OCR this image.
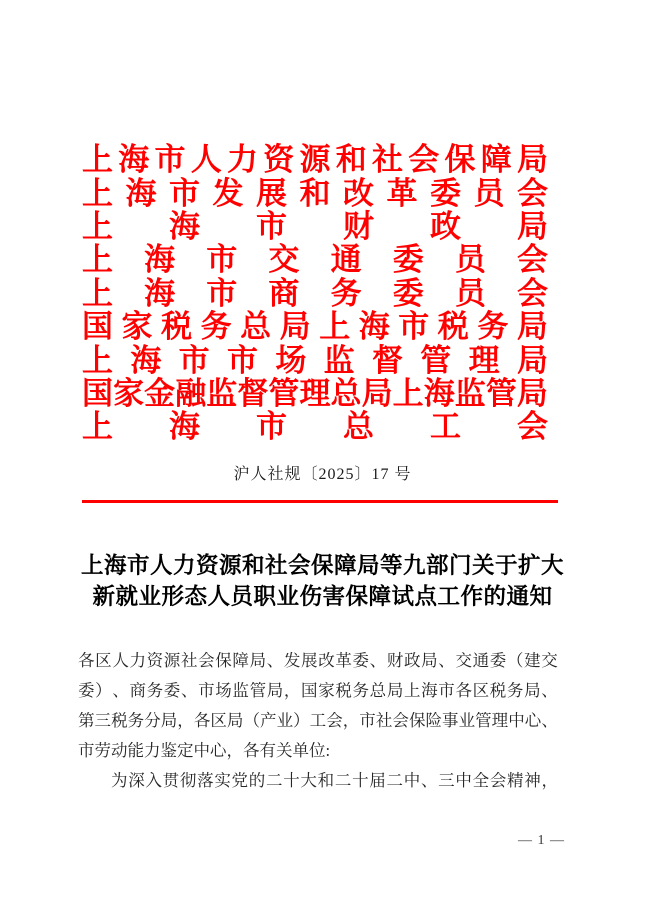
上 海 市 人 力 资 源 和 社 会 保 障 局
上 海 市 发 展 和 改 革 委 员 会
上 海 市 财 政 局
上 海 市 交 通 委 员 会
上 海 市 商 务 委 员 会
国 家 税 务 总 局 上 海 市 税 务 局
上 海 市 市 场 监 督 管 理 局
国 家 金 融 监 督 管 理 总 局 上 海 监 管 局
上 海 市 总 工 会
沪人社规〔2025〕17 号
上海市人力资源和社会保障局等九部门关于扩大
新就业形态人员职业伤害保障试点工作的通知
各 区 人 力 资 源 社 会 保 障 局 、 发 展 改 革 委 、 财 政 局 、 交 通 委 （ 建 交
委 ） 、 商 务 委 、 市 场 监 管 局 ， 国 家 税 务 总 局 上 海 市 各 区 税 务 局 、
第 三 税 务 分 局 ， 各 区 局 （ 产 业 ） 工 会 ， 市 社 会 保 险 事 业 管 理 中 心 、
市劳动能力鉴定中心，各有关单位:
为 深 入 贯 彻 落 实 党 的 二 十 大 和 二 十 届 二 中 、 三 中 全 会 精 神 ，
— 1 —
